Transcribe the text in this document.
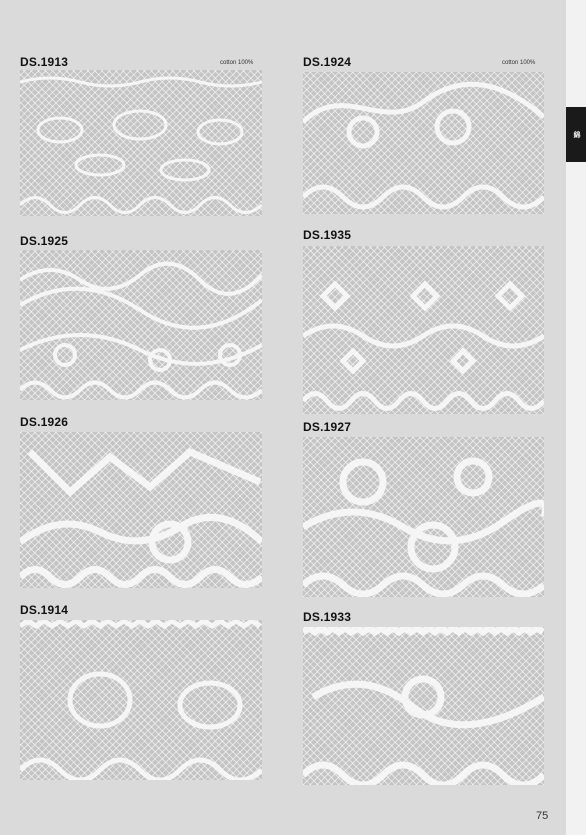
綿
DS.1913	cotton 100%	DS.1924	cotton 100%
DS.1925	DS.1935
DS.1926	DS.1927
DS.1914	DS.1933
75
